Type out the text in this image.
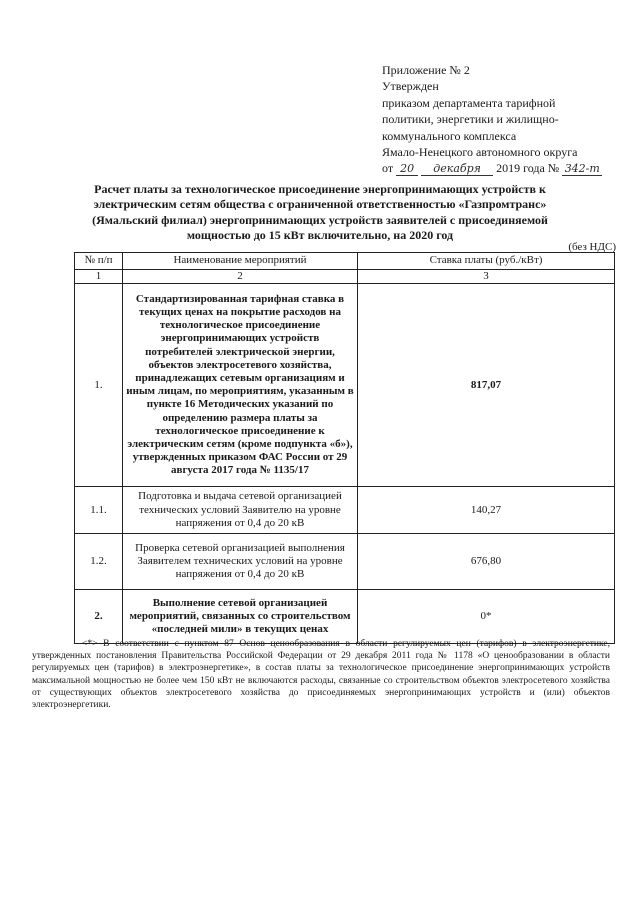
Приложение № 2
Утвержден
приказом департамента тарифной
политики, энергетики и жилищно-
коммунального комплекса
Ямало-Ненецкого автономного округа
от 20 декабря 2019 года № 342-т
Расчет платы за технологическое присоединение энергопринимающих устройств к электрическим сетям общества с ограниченной ответственностью «Газпромтранс» (Ямальский филиал) энергопринимающих устройств заявителей с присоединяемой мощностью до 15 кВт включительно, на 2020 год
(без НДС)
№ п/п	Наименование мероприятий	Ставка платы (руб./кВт)
1	2	3
1.	Стандартизированная тарифная ставка в текущих ценах на покрытие расходов на технологическое присоединение энергопринимающих устройств потребителей электрической энергии, объектов электросетевого хозяйства, принадлежащих сетевым организациям и иным лицам, по мероприятиям, указанным в пункте 16 Методических указаний по определению размера платы за технологическое присоединение к электрическим сетям (кроме подпункта «б»), утвержденных приказом ФАС России от 29 августа 2017 года № 1135/17	817,07
1.1.	Подготовка и выдача сетевой организацией технических условий Заявителю на уровне напряжения от 0,4 до 20 кВ	140,27
1.2.	Проверка сетевой организацией выполнения Заявителем технических условий на уровне напряжения от 0,4 до 20 кВ	676,80
2.	Выполнение сетевой организацией мероприятий, связанных со строительством «последней мили» в текущих ценах	0*
<*> В соответствии с пунктом 87 Основ ценообразования в области регулируемых цен (тарифов) в электроэнергетике, утвержденных постановления Правительства Российской Федерации от 29 декабря 2011 года № 1178 «О ценообразовании в области регулируемых цен (тарифов) в электроэнергетике», в состав платы за технологическое присоединение энергопринимающих устройств максимальной мощностью не более чем 150 кВт не включаются расходы, связанные со строительством объектов электросетевого хозяйства от существующих объектов электросетевого хозяйства до присоединяемых энергопринимающих устройств и (или) объектов электроэнергетики.
